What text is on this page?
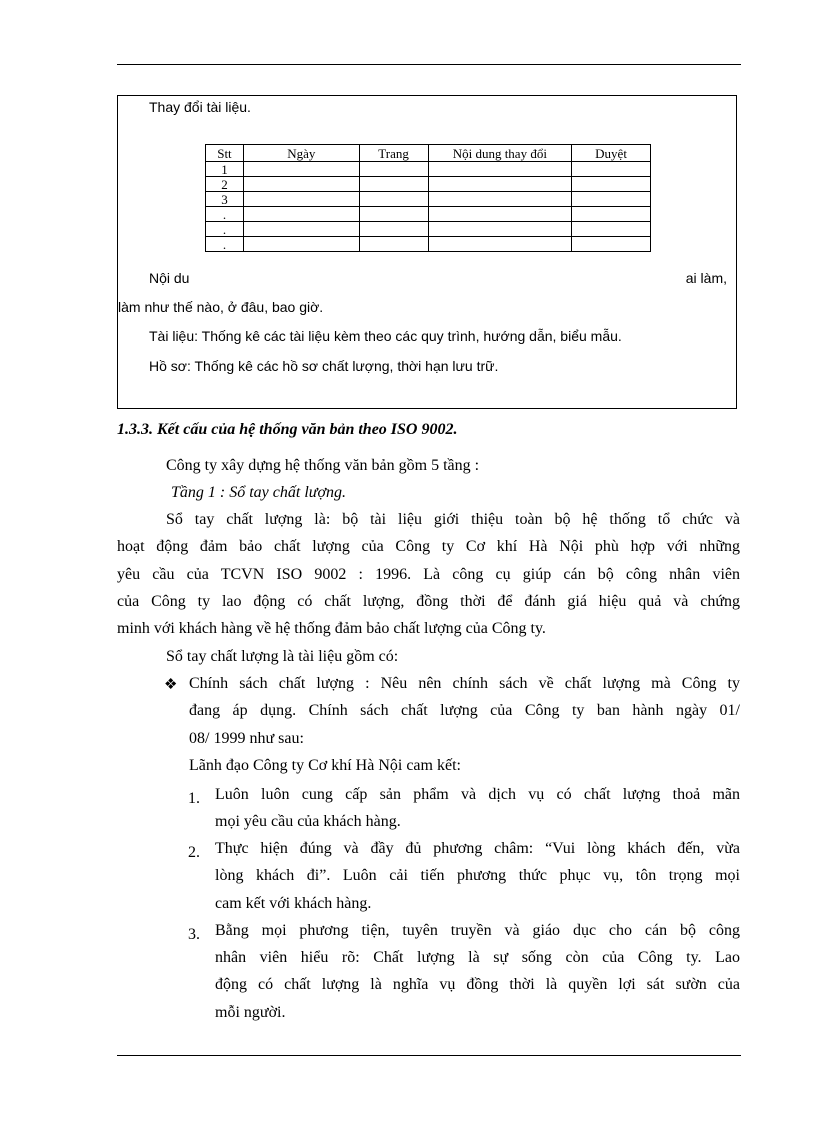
Thay đổi tài liệu.
Stt	Ngày	Trang	Nội dung thay đổi	Duyệt
1				
2				
3				
.				
.				
.				
Nội du	ai làm,
làm như thế nào, ở đâu, bao giờ.
Tài liệu: Thống kê các tài liệu kèm theo các quy trình, hướng dẫn, biểu mẫu.
Hồ sơ: Thống kê các hồ sơ chất lượng, thời hạn lưu trữ.
1.3.3. Kết cấu của hệ thống văn bản theo ISO 9002.
Công ty xây dựng hệ thống văn bản gồm 5 tầng :
Tầng 1 : Sổ tay chất lượng.
Sổ tay chất lượng là: bộ tài liệu giới thiệu toàn bộ hệ thống tổ chức và
hoạt động đảm bảo chất lượng của Công ty Cơ khí Hà Nội phù hợp với những
yêu cầu của TCVN ISO 9002 : 1996. Là công cụ giúp cán bộ công nhân viên
của Công ty lao động có chất lượng, đồng thời để đánh giá hiệu quả và chứng
minh với khách hàng về hệ thống đảm bảo chất lượng của Công ty.
Sổ tay chất lượng là tài liệu gồm có:
❖ Chính sách chất lượng : Nêu nên chính sách về chất lượng mà Công ty
đang áp dụng. Chính sách chất lượng của Công ty ban hành ngày 01/
08/ 1999 như sau:
Lãnh đạo Công ty Cơ khí Hà Nội cam kết:
1. Luôn luôn cung cấp sản phẩm và dịch vụ có chất lượng thoả mãn
mọi yêu cầu của khách hàng.
2. Thực hiện đúng và đầy đủ phương châm: “Vui lòng khách đến, vừa
lòng khách đi”. Luôn cải tiến phương thức phục vụ, tôn trọng mọi
cam kết với khách hàng.
3. Bằng mọi phương tiện, tuyên truyền và giáo dục cho cán bộ công
nhân viên hiểu rõ: Chất lượng là sự sống còn của Công ty. Lao
động có chất lượng là nghĩa vụ đồng thời là quyền lợi sát sườn của
mỗi người.
